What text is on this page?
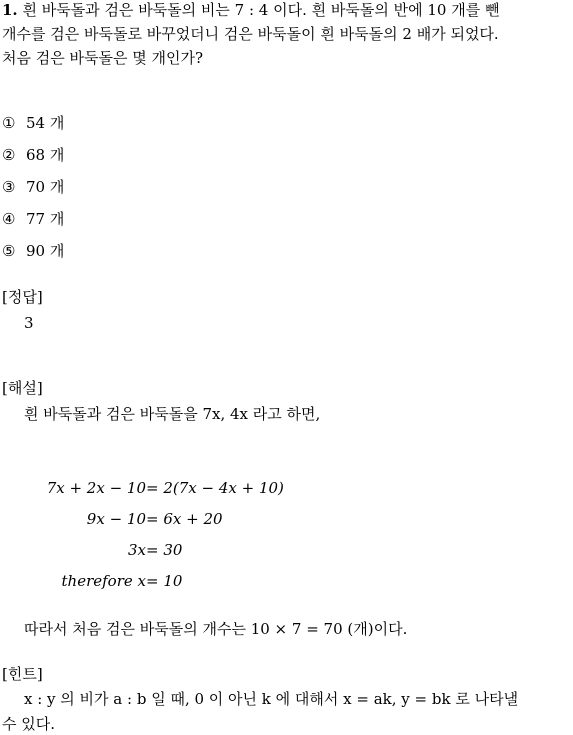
1. 흰 바둑돌과 검은 바둑돌의 비는 7 : 4 이다. 흰 바둑돌의 반에 10 개를 뺀
개수를 검은 바둑돌로 바꾸었더니 검은 바둑돌이 흰 바둑돌의 2 배가 되었다.
처음 검은 바둑돌은 몇 개인가?
① 54 개
② 68 개
③ 70 개
④ 77 개
⑤ 90 개
[정답]
3
[해설]
흰 바둑돌과 검은 바둑돌을 7x, 4x 라고 하면,
7x + 2x − 10 = 2(7x − 4x + 10)
9x − 10 = 6x + 20
3x = 30
therefore x = 10
따라서 처음 검은 바둑돌의 개수는 10 × 7 = 70 (개)이다.
[힌트]
x : y 의 비가 a : b 일 때, 0 이 아닌 k 에 대해서 x = ak, y = bk 로 나타낼
수 있다.
